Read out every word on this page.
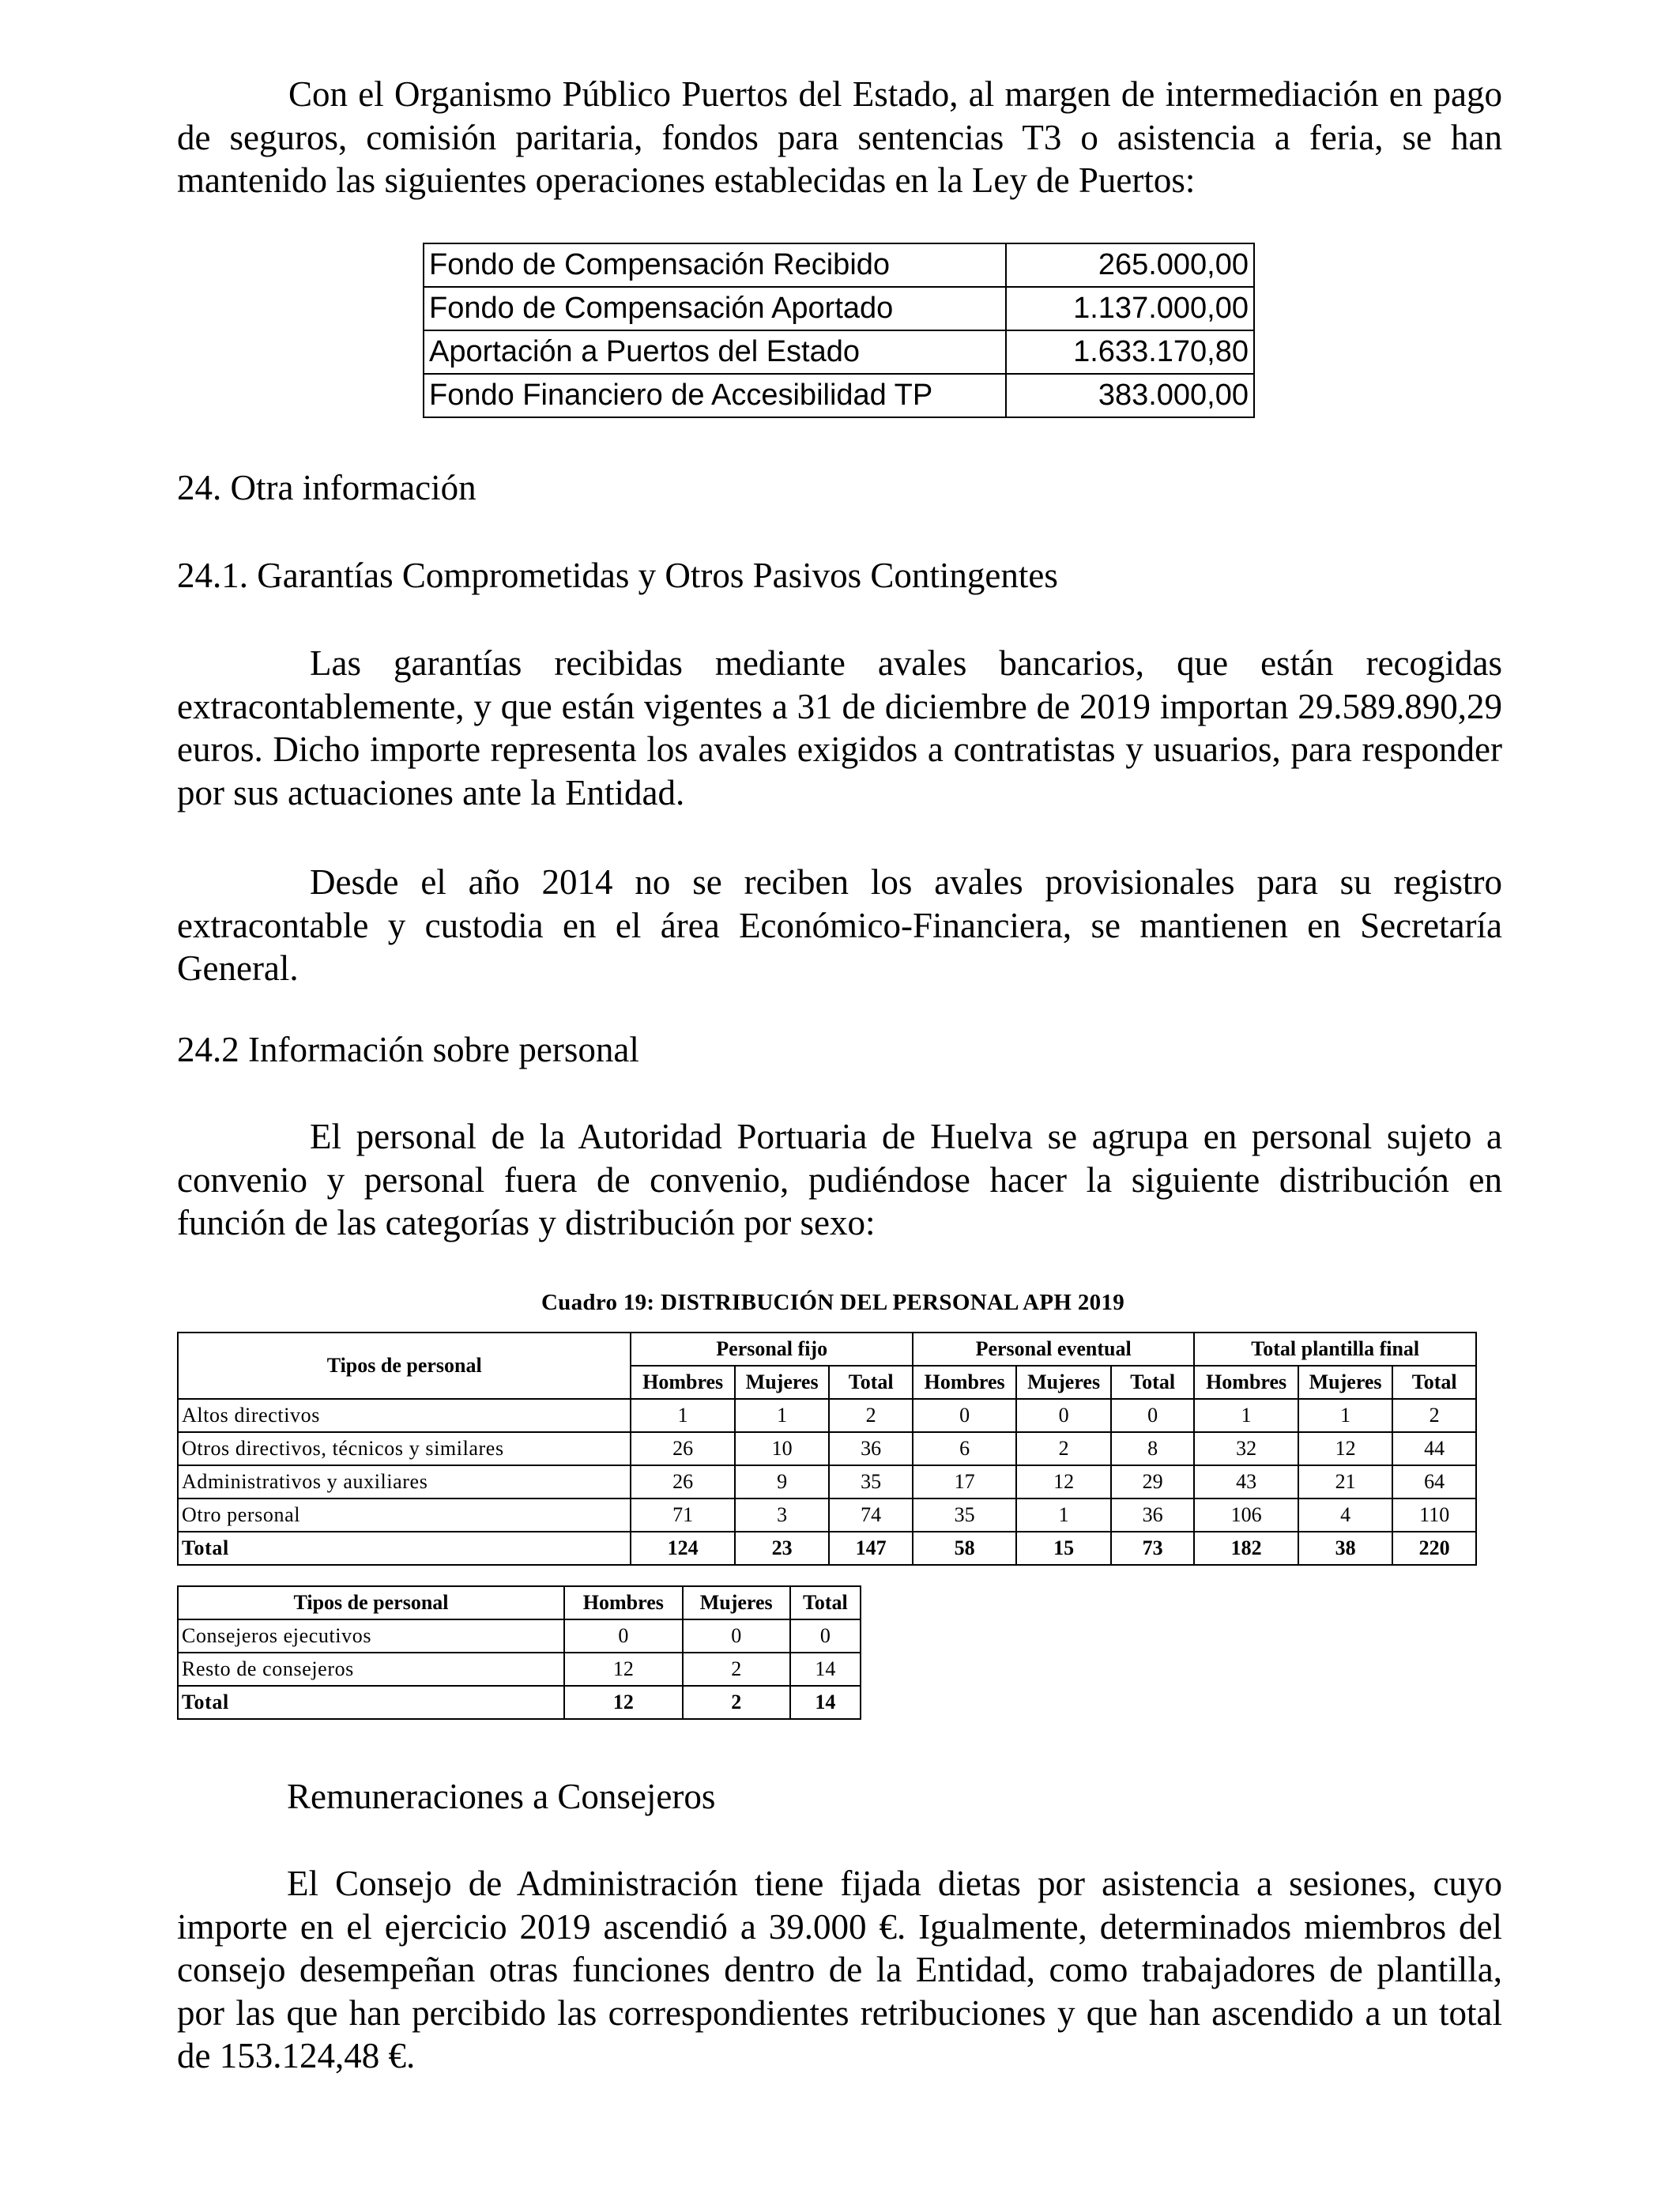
Con el Organismo Público Puertos del Estado, al margen de intermediación en pago de seguros, comisión paritaria, fondos para sentencias T3 o asistencia a feria, se han mantenido las siguientes operaciones establecidas en la Ley de Puertos:

Fondo de Compensación Recibido	265.000,00
Fondo de Compensación Aportado	1.137.000,00
Aportación a Puertos del Estado	1.633.170,80
Fondo Financiero de Accesibilidad TP	383.000,00

24. Otra información

24.1. Garantías Comprometidas y Otros Pasivos Contingentes

Las garantías recibidas mediante avales bancarios, que están recogidas extracontablemente, y que están vigentes a 31 de diciembre de 2019 importan 29.589.890,29 euros. Dicho importe representa los avales exigidos a contratistas y usuarios, para responder por sus actuaciones ante la Entidad.

Desde el año 2014 no se reciben los avales provisionales para su registro extracontable y custodia en el área Económico-Financiera, se mantienen en Secretaría General.

24.2 Información sobre personal

El personal de la Autoridad Portuaria de Huelva se agrupa en personal sujeto a convenio y personal fuera de convenio, pudiéndose hacer la siguiente distribución en función de las categorías y distribución por sexo:

Cuadro 19: DISTRIBUCIÓN DEL PERSONAL APH 2019
Tipos de personal	Personal fijo			Personal eventual			Total plantilla final		
	Hombres	Mujeres	Total	Hombres	Mujeres	Total	Hombres	Mujeres	Total
Altos directivos	1	1	2	0	0	0	1	1	2
Otros directivos, técnicos y similares	26	10	36	6	2	8	32	12	44
Administrativos y auxiliares	26	9	35	17	12	29	43	21	64
Otro personal	71	3	74	35	1	36	106	4	110
Total	124	23	147	58	15	73	182	38	220
Tipos de personal	Hombres	Mujeres	Total
Consejeros ejecutivos	0	0	0
Resto de consejeros	12	2	14
Total	12	2	14

Remuneraciones a Consejeros

El Consejo de Administración tiene fijada dietas por asistencia a sesiones, cuyo importe en el ejercicio 2019 ascendió a 39.000 €. Igualmente, determinados miembros del consejo desempeñan otras funciones dentro de la Entidad, como trabajadores de plantilla, por las que han percibido las correspondientes retribuciones y que han ascendido a un total de 153.124,48 €.
